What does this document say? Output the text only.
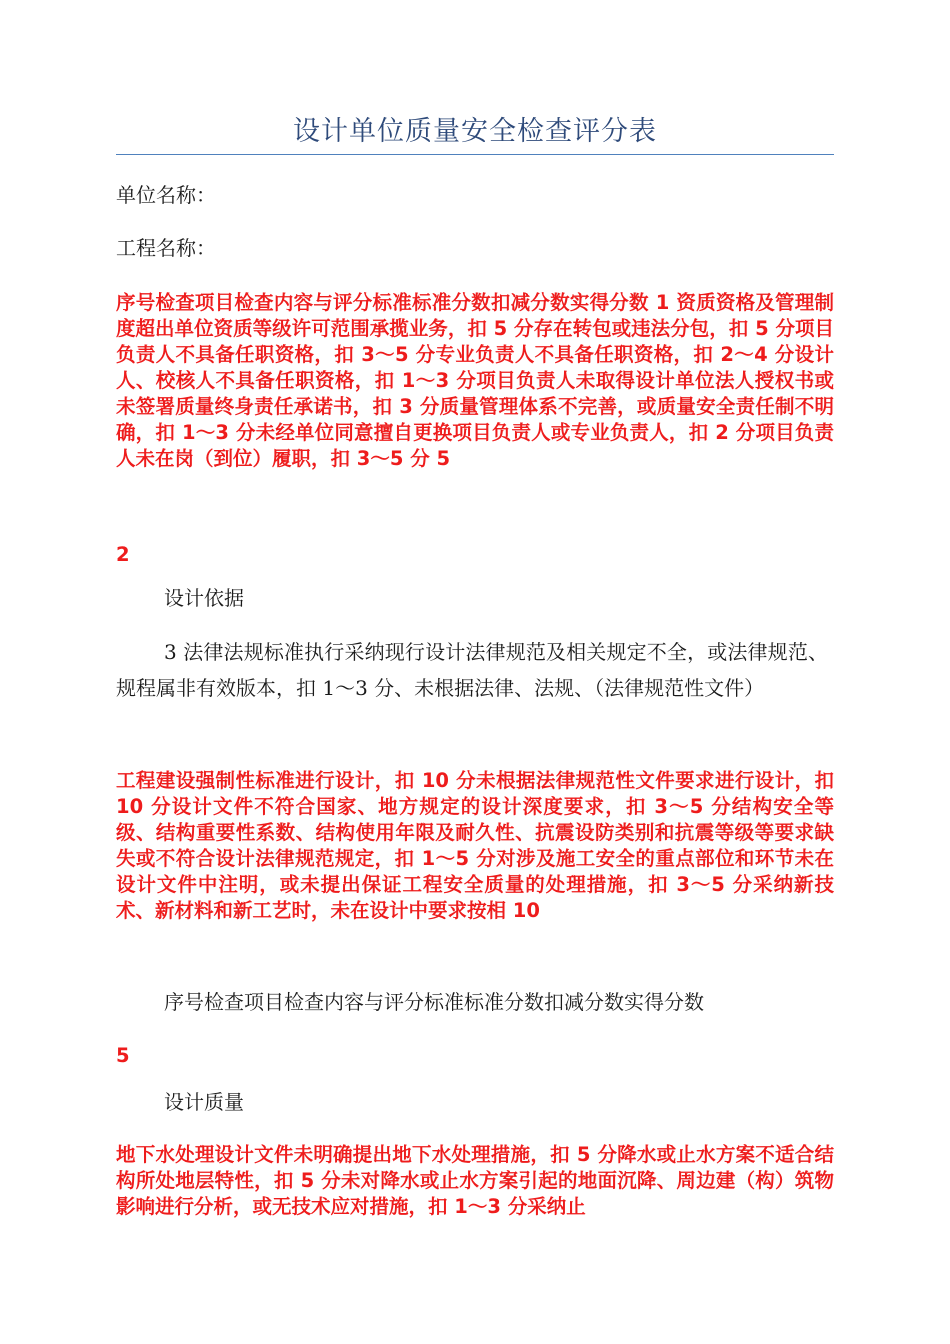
设计单位质量安全检查评分表
单位名称：
工程名称：
序号检查项目检查内容与评分标准标准分数扣减分数实得分数 1 资质资格及管理制度超出单位资质等级许可范围承揽业务，扣 5 分存在转包或违法分包，扣 5 分项目负责人不具备任职资格，扣 3～5 分专业负责人不具备任职资格，扣 2～4 分设计人、校核人不具备任职资格，扣 1～3 分项目负责人未取得设计单位法人授权书或未签署质量终身责任承诺书，扣 3 分质量管理体系不完善，或质量安全责任制不明确，扣 1～3 分未经单位同意擅自更换项目负责人或专业负责人，扣 2 分项目负责人未在岗（到位）履职，扣 3～5 分 5
2
设计依据
3 法律法规标准执行采纳现行设计法律规范及相关规定不全，或法律规范、规程属非有效版本，扣 1～3 分、未根据法律、法规、（法律规范性文件）
工程建设强制性标准进行设计，扣 10 分未根据法律规范性文件要求进行设计，扣 10 分设计文件不符合国家、地方规定的设计深度要求，扣 3～5 分结构安全等级、结构重要性系数、结构使用年限及耐久性、抗震设防类别和抗震等级等要求缺失或不符合设计法律规范规定，扣 1～5 分对涉及施工安全的重点部位和环节未在设计文件中注明，或未提出保证工程安全质量的处理措施，扣 3～5 分采纳新技术、新材料和新工艺时，未在设计中要求按相 10
序号检查项目检查内容与评分标准标准分数扣减分数实得分数
5
设计质量
地下水处理设计文件未明确提出地下水处理措施，扣 5 分降水或止水方案不适合结构所处地层特性，扣 5 分未对降水或止水方案引起的地面沉降、周边建（构）筑物影响进行分析，或无技术应对措施，扣 1～3 分采纳止
